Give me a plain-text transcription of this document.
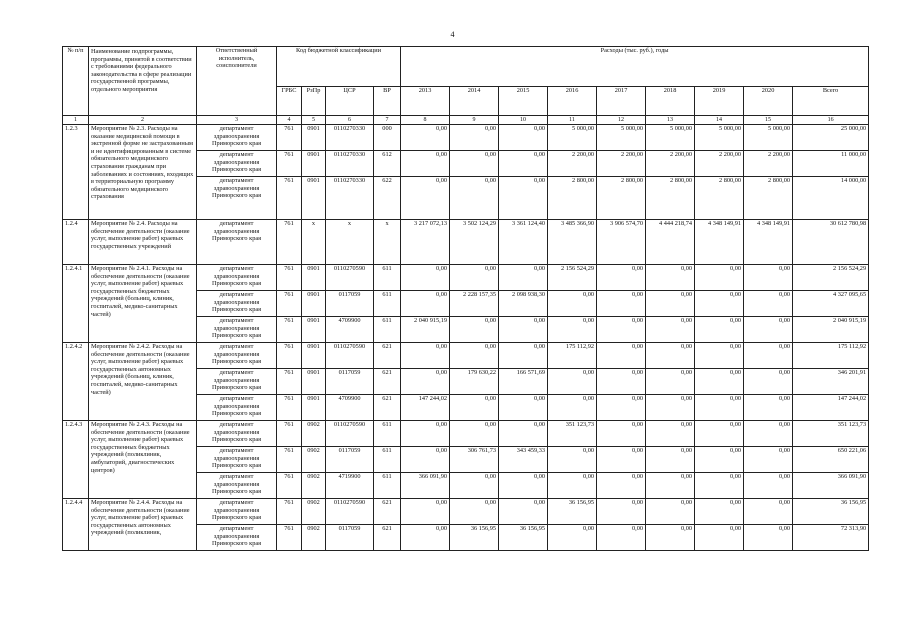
4
№ п/п	Наименование подпрограммы, программы, принятой в соответствии с требованиями федерального законодательства в сфере реализации государственной программы, отдельного мероприятия	Ответственный исполнитель, соисполнители	Код бюджетной классификации				Расходы (тыс. руб.), годы								
			ГРБС	РзПр	ЦСР	ВР	2013	2014	2015	2016	2017	2018	2019	2020	Всего
1	2	3	4	5	6	7	8	9	10	11	12	13	14	15	16
1.2.3	Мероприятие № 2.3. Расходы на оказание медицинской помощи в экстренной форме не застрахованным и не идентифицированным в системе обязательного медицинского страхования гражданам при заболеваниях и состояниях, входящих в территориальную программу обязательного медицинского страхования	департамент здравоохранения Приморского края	761	0901	0110270330	000	0,00	0,00	0,00	5 000,00	5 000,00	5 000,00	5 000,00	5 000,00	25 000,00
		департамент здравоохранения Приморского края	761	0901	0110270330	612	0,00	0,00	0,00	2 200,00	2 200,00	2 200,00	2 200,00	2 200,00	11 000,00
		департамент здравоохранения Приморского края	761	0901	0110270330	622	0,00	0,00	0,00	2 800,00	2 800,00	2 800,00	2 800,00	2 800,00	14 000,00
1.2.4	Мероприятие № 2.4. Расходы на обеспечение деятельности (оказание услуг, выполнение работ) краевых государственных учреждений	департамент здравоохранения Приморского края	761	x	x	x	3 217 072,13	3 502 124,29	3 361 124,40	3 485 366,90	3 906 574,70	4 444 218,74	4 348 149,91	4 348 149,91	30 612 780,98
1.2.4.1	Мероприятие № 2.4.1. Расходы на обеспечение деятельности (оказание услуг, выполнение работ) краевых государственных бюджетных учреждений (больниц, клиник, госпиталей, медико-санитарных частей)	департамент здравоохранения Приморского края	761	0901	0110270590	611	0,00	0,00	0,00	2 156 524,29	0,00	0,00	0,00	0,00	2 156 524,29
		департамент здравоохранения Приморского края	761	0901	0117059	611	0,00	2 228 157,35	2 098 938,30	0,00	0,00	0,00	0,00	0,00	4 327 095,65
		департамент здравоохранения Приморского края	761	0901	4709900	611	2 040 915,19	0,00	0,00	0,00	0,00	0,00	0,00	0,00	2 040 915,19
1.2.4.2	Мероприятие № 2.4.2. Расходы на обеспечение деятельности (оказание услуг, выполнение работ) краевых государственных автономных учреждений (больниц, клиник, госпиталей, медико-санитарных частей)	департамент здравоохранения Приморского края	761	0901	0110270590	621	0,00	0,00	0,00	175 112,92	0,00	0,00	0,00	0,00	175 112,92
		департамент здравоохранения Приморского края	761	0901	0117059	621	0,00	179 630,22	166 571,69	0,00	0,00	0,00	0,00	0,00	346 201,91
		департамент здравоохранения Приморского края	761	0901	4709900	621	147 244,02	0,00	0,00	0,00	0,00	0,00	0,00	0,00	147 244,02
1.2.4.3	Мероприятие № 2.4.3. Расходы на обеспечение деятельности (оказание услуг, выполнение работ) краевых государственных бюджетных учреждений (поликлиник, амбулаторий, диагностических центров)	департамент здравоохранения Приморского края	761	0902	0110270590	611	0,00	0,00	0,00	351 123,73	0,00	0,00	0,00	0,00	351 123,73
		департамент здравоохранения Приморского края	761	0902	0117059	611	0,00	306 761,73	343 459,33	0,00	0,00	0,00	0,00	0,00	650 221,06
		департамент здравоохранения Приморского края	761	0902	4719900	611	366 091,90	0,00	0,00	0,00	0,00	0,00	0,00	0,00	366 091,90
1.2.4.4	Мероприятие № 2.4.4. Расходы на обеспечение деятельности (оказание услуг, выполнение работ) краевых государственных автономных учреждений (поликлиник,	департамент здравоохранения Приморского края	761	0902	0110270590	621	0,00	0,00	0,00	36 156,95	0,00	0,00	0,00	0,00	36 156,95
		департамент здравоохранения Приморского края	761	0902	0117059	621	0,00	36 156,95	36 156,95	0,00	0,00	0,00	0,00	0,00	72 313,90
